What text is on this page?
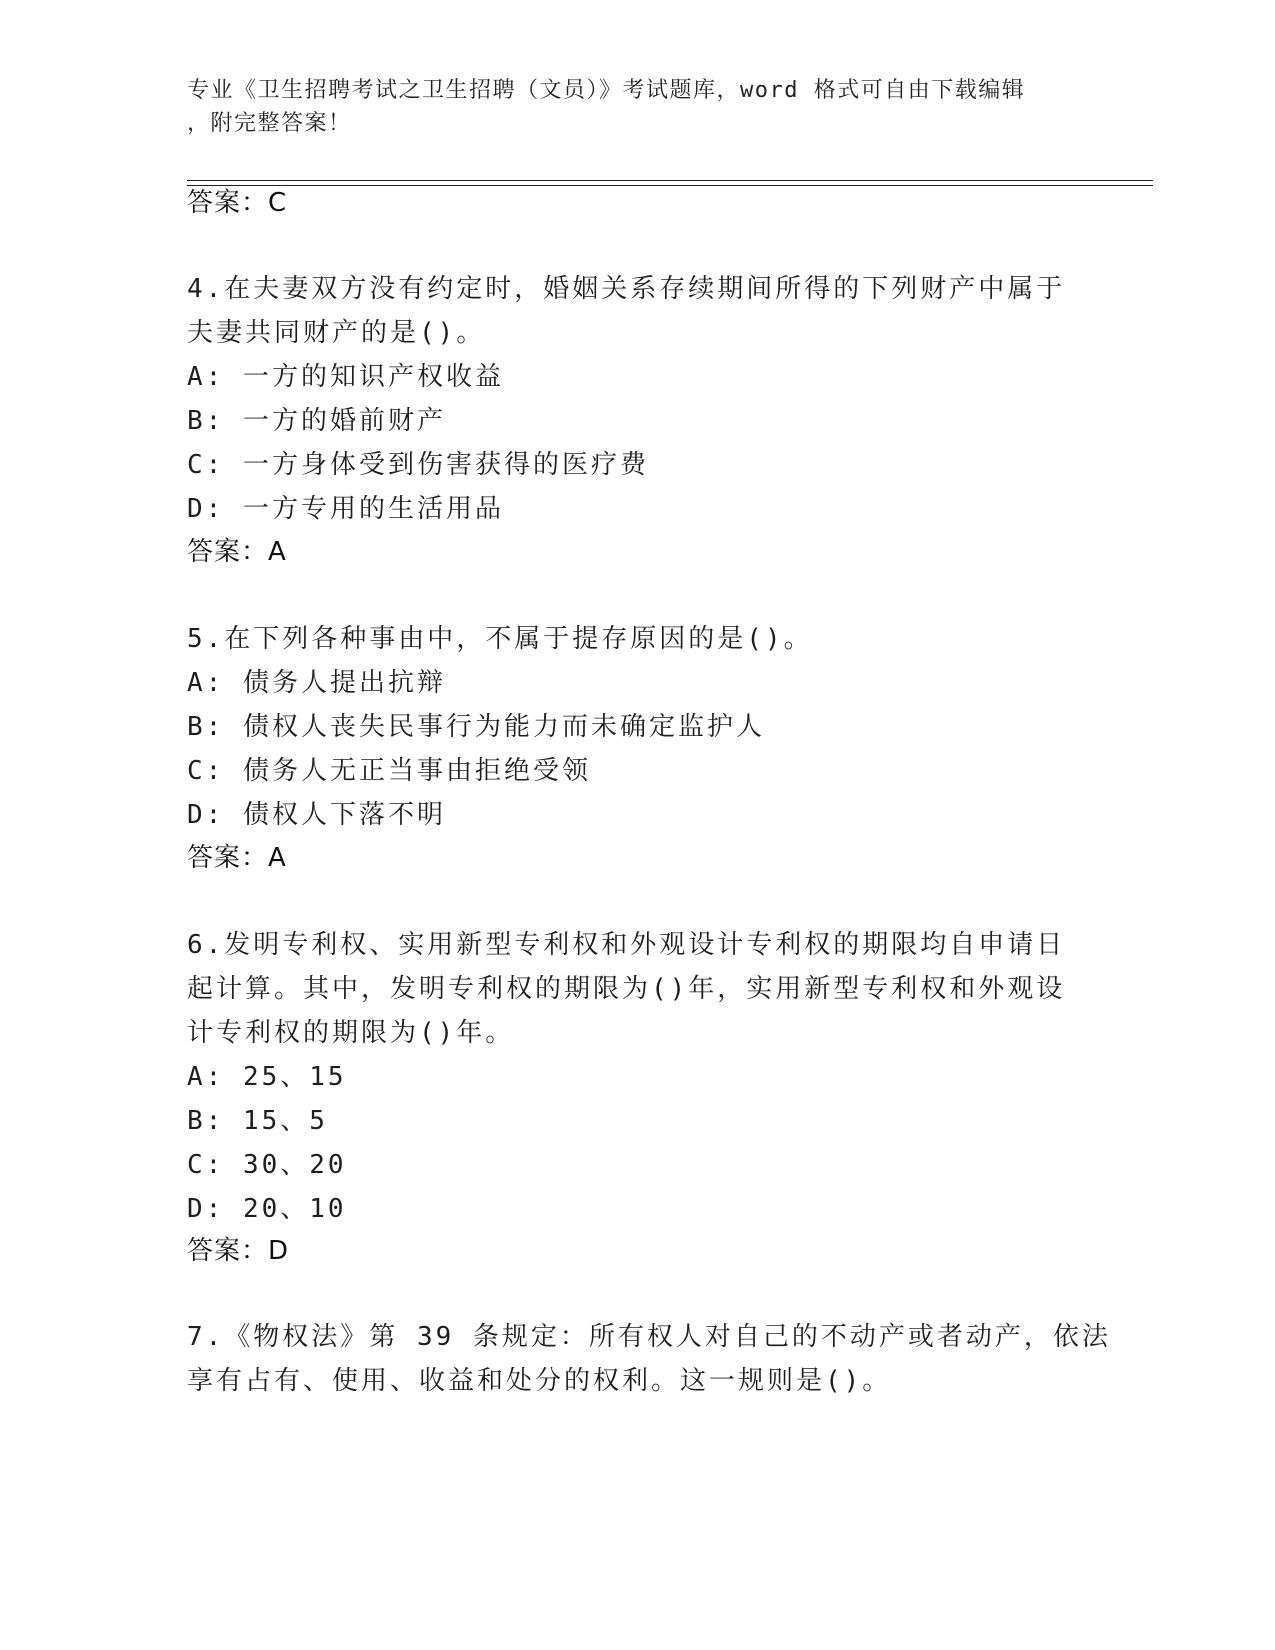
专业《卫生招聘考试之卫生招聘（文员）》考试题库，word 格式可自由下载编辑
，附完整答案！
答案：C
4.在夫妻双方没有约定时，婚姻关系存续期间所得的下列财产中属于
夫妻共同财产的是()。
A: 一方的知识产权收益
B: 一方的婚前财产
C: 一方身体受到伤害获得的医疗费
D: 一方专用的生活用品
答案：A
5.在下列各种事由中，不属于提存原因的是()。
A: 债务人提出抗辩
B: 债权人丧失民事行为能力而未确定监护人
C: 债务人无正当事由拒绝受领
D: 债权人下落不明
答案：A
6.发明专利权、实用新型专利权和外观设计专利权的期限均自申请日
起计算。其中，发明专利权的期限为()年，实用新型专利权和外观设
计专利权的期限为()年。
A: 25、15
B: 15、5
C: 30、20
D: 20、10
答案：D
7.《物权法》第 39 条规定：所有权人对自己的不动产或者动产，依法
享有占有、使用、收益和处分的权利。这一规则是()。
